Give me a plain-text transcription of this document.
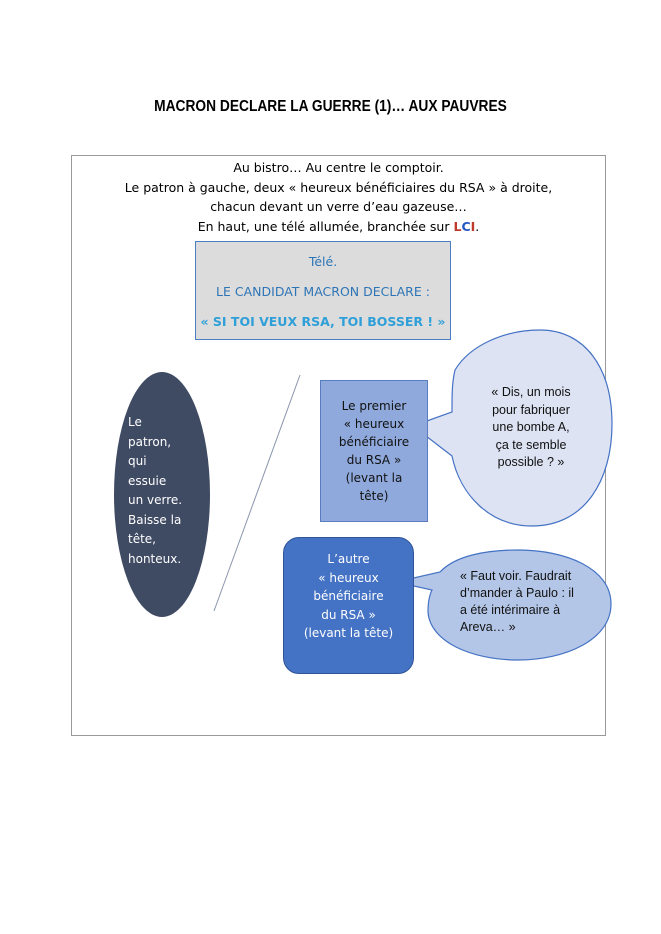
MACRON DECLARE LA GUERRE (1)… AUX PAUVRES
Au bistro… Au centre le comptoir.
Le patron à gauche, deux « heureux bénéficiaires du RSA » à droite,
chacun devant un verre d’eau gazeuse…
En haut, une télé allumée, branchée sur LCI.
Télé.
LE CANDIDAT MACRON DECLARE :
« SI TOI VEUX RSA, TOI BOSSER ! »
Le
patron,
qui
essuie
un verre.
Baisse la
tête,
honteux.
Le premier
« heureux
bénéficiaire
du RSA »
(levant la
tête)
« Dis, un mois
pour fabriquer
une bombe A,
ça te semble
possible ? »
L’autre
« heureux
bénéficiaire
du RSA »
(levant la tête)
« Faut voir. Faudrait
d’mander à Paulo : il
a été intérimaire à
Areva… »
